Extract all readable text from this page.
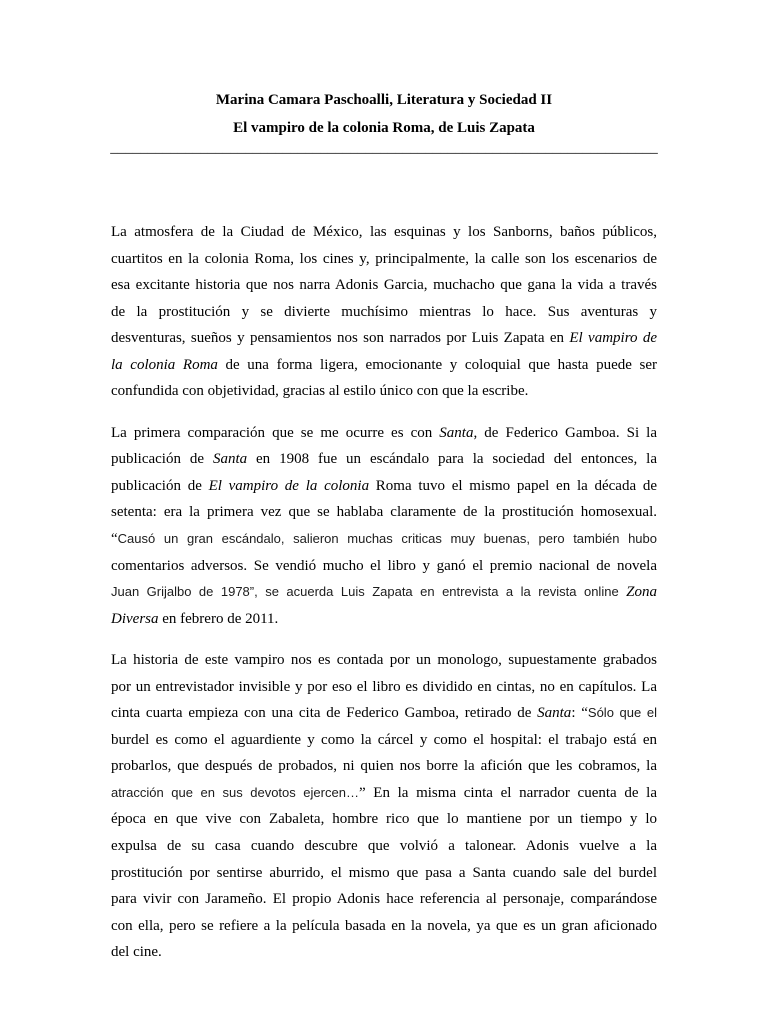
Marina Camara Paschoalli, Literatura y Sociedad II
El vampiro de la colonia Roma, de Luis Zapata
_________________________________________________________________________
La atmosfera de la Ciudad de México, las esquinas y los Sanborns, baños públicos,
cuartitos en la colonia Roma, los cines y, principalmente, la calle son los escenarios de
esa excitante historia que nos narra Adonis Garcia, muchacho que gana la vida a través
de la prostitución y se divierte muchísimo mientras lo hace. Sus aventuras y
desventuras, sueños y pensamientos nos son narrados por Luis Zapata en El vampiro de
la colonia Roma de una forma ligera, emocionante y coloquial que hasta puede ser
confundida con objetividad, gracias al estilo único con que la escribe.
La primera comparación que se me ocurre es con Santa, de Federico Gamboa. Si la
publicación de Santa en 1908 fue un escándalo para la sociedad del entonces, la
publicación de El vampiro de la colonia Roma tuvo el mismo papel en la década de
setenta: era la primera vez que se hablaba claramente de la prostitución homosexual.
“Causó un gran escándalo, salieron muchas criticas muy buenas, pero también hubo
comentarios adversos. Se vendió mucho el libro y ganó el premio nacional de novela
Juan Grijalbo de 1978”, se acuerda Luis Zapata en entrevista a la revista online Zona
Diversa en febrero de 2011.
La historia de este vampiro nos es contada por un monologo, supuestamente grabados
por un entrevistador invisible y por eso el libro es dividido en cintas, no en capítulos. La
cinta cuarta empieza con una cita de Federico Gamboa, retirado de Santa: “Sólo que el
burdel es como el aguardiente y como la cárcel y como el hospital: el trabajo está en
probarlos, que después de probados, ni quien nos borre la afición que les cobramos, la
atracción que en sus devotos ejercen…” En la misma cinta el narrador cuenta de la
época en que vive con Zabaleta, hombre rico que lo mantiene por un tiempo y lo
expulsa de su casa cuando descubre que volvió a talonear. Adonis vuelve a la
prostitución por sentirse aburrido, el mismo que pasa a Santa cuando sale del burdel
para vivir con Jarameño. El propio Adonis hace referencia al personaje, comparándose
con ella, pero se refiere a la película basada en la novela, ya que es un gran aficionado
del cine.
